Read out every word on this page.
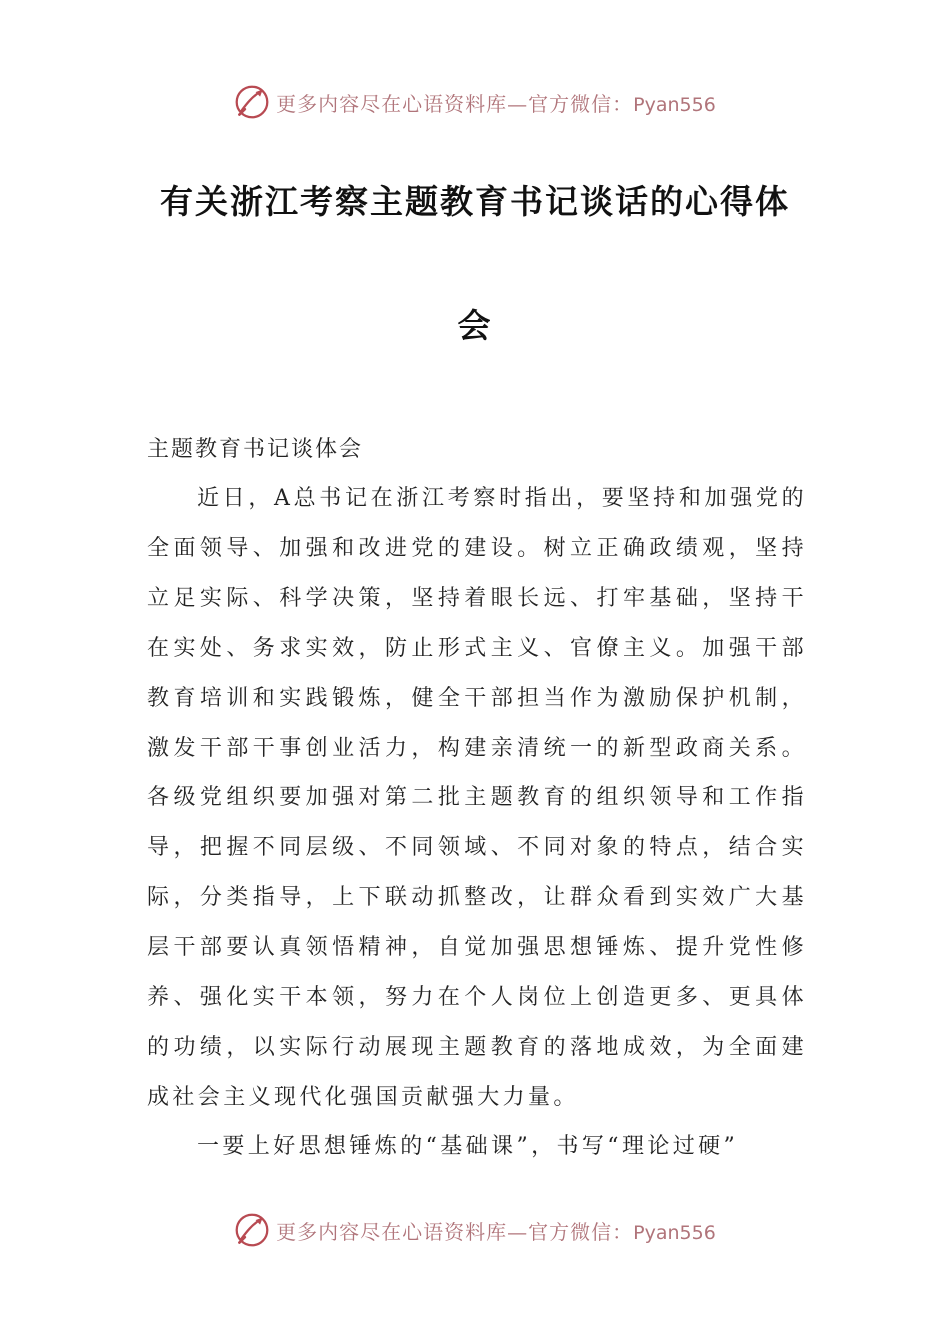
更多内容尽在心语资料库—官方微信：Pyan556
有关浙江考察主题教育书记谈话的心得体
会
主题教育书记谈体会

近日，A总书记在浙江考察时指出，要坚持和加强党的全面领导、加强和改进党的建设。树立正确政绩观，坚持立足实际、科学决策，坚持着眼长远、打牢基础，坚持干在实处、务求实效，防止形式主义、官僚主义。加强干部教育培训和实践锻炼，健全干部担当作为激励保护机制，激发干部干事创业活力，构建亲清统一的新型政商关系。各级党组织要加强对第二批主题教育的组织领导和工作指导，把握不同层级、不同领域、不同对象的特点，结合实际，分类指导，上下联动抓整改，让群众看到实效广大基层干部要认真领悟精神，自觉加强思想锤炼、提升党性修养、强化实干本领，努力在个人岗位上创造更多、更具体的功绩，以实际行动展现主题教育的落地成效，为全面建成社会主义现代化强国贡献强大力量。

一要上好思想锤炼的“基础课”，书写“理论过硬”

更多内容尽在心语资料库—官方微信：Pyan556
